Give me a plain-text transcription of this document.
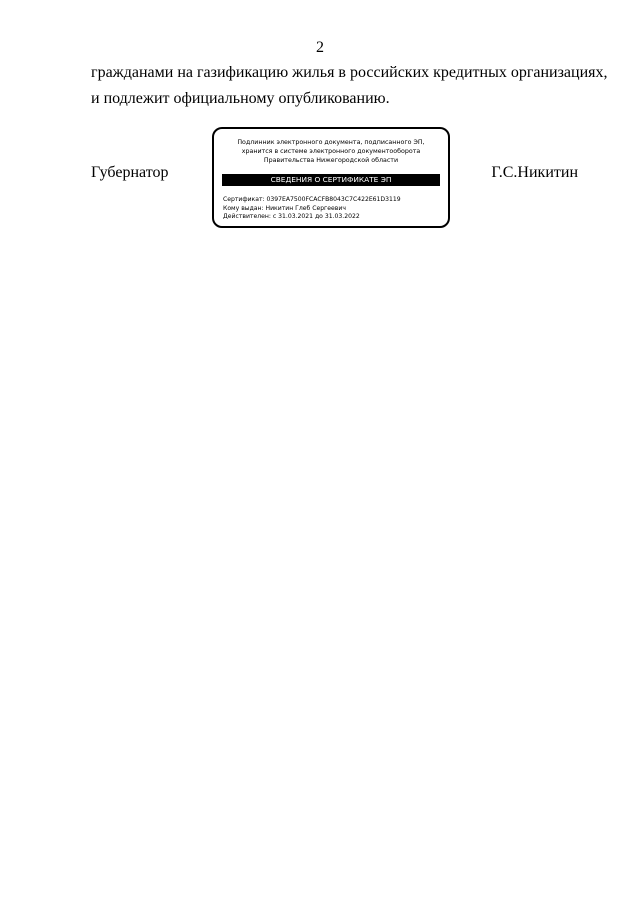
2
гражданами на газификацию жилья в российских кредитных организациях,
и подлежит официальному опубликованию.
Губернатор
Подлинник электронного документа, подписанного ЭП,
хранится в системе электронного документооборота
Правительства Нижегородской области
СВЕДЕНИЯ О СЕРТИФИКАТЕ ЭП
Сертификат: 0397EA7500FCACFB8043C7C422E61D3119
Кому выдан: Никитин Глеб Сергеевич
Действителен: с 31.03.2021 до 31.03.2022
Г.С.Никитин
